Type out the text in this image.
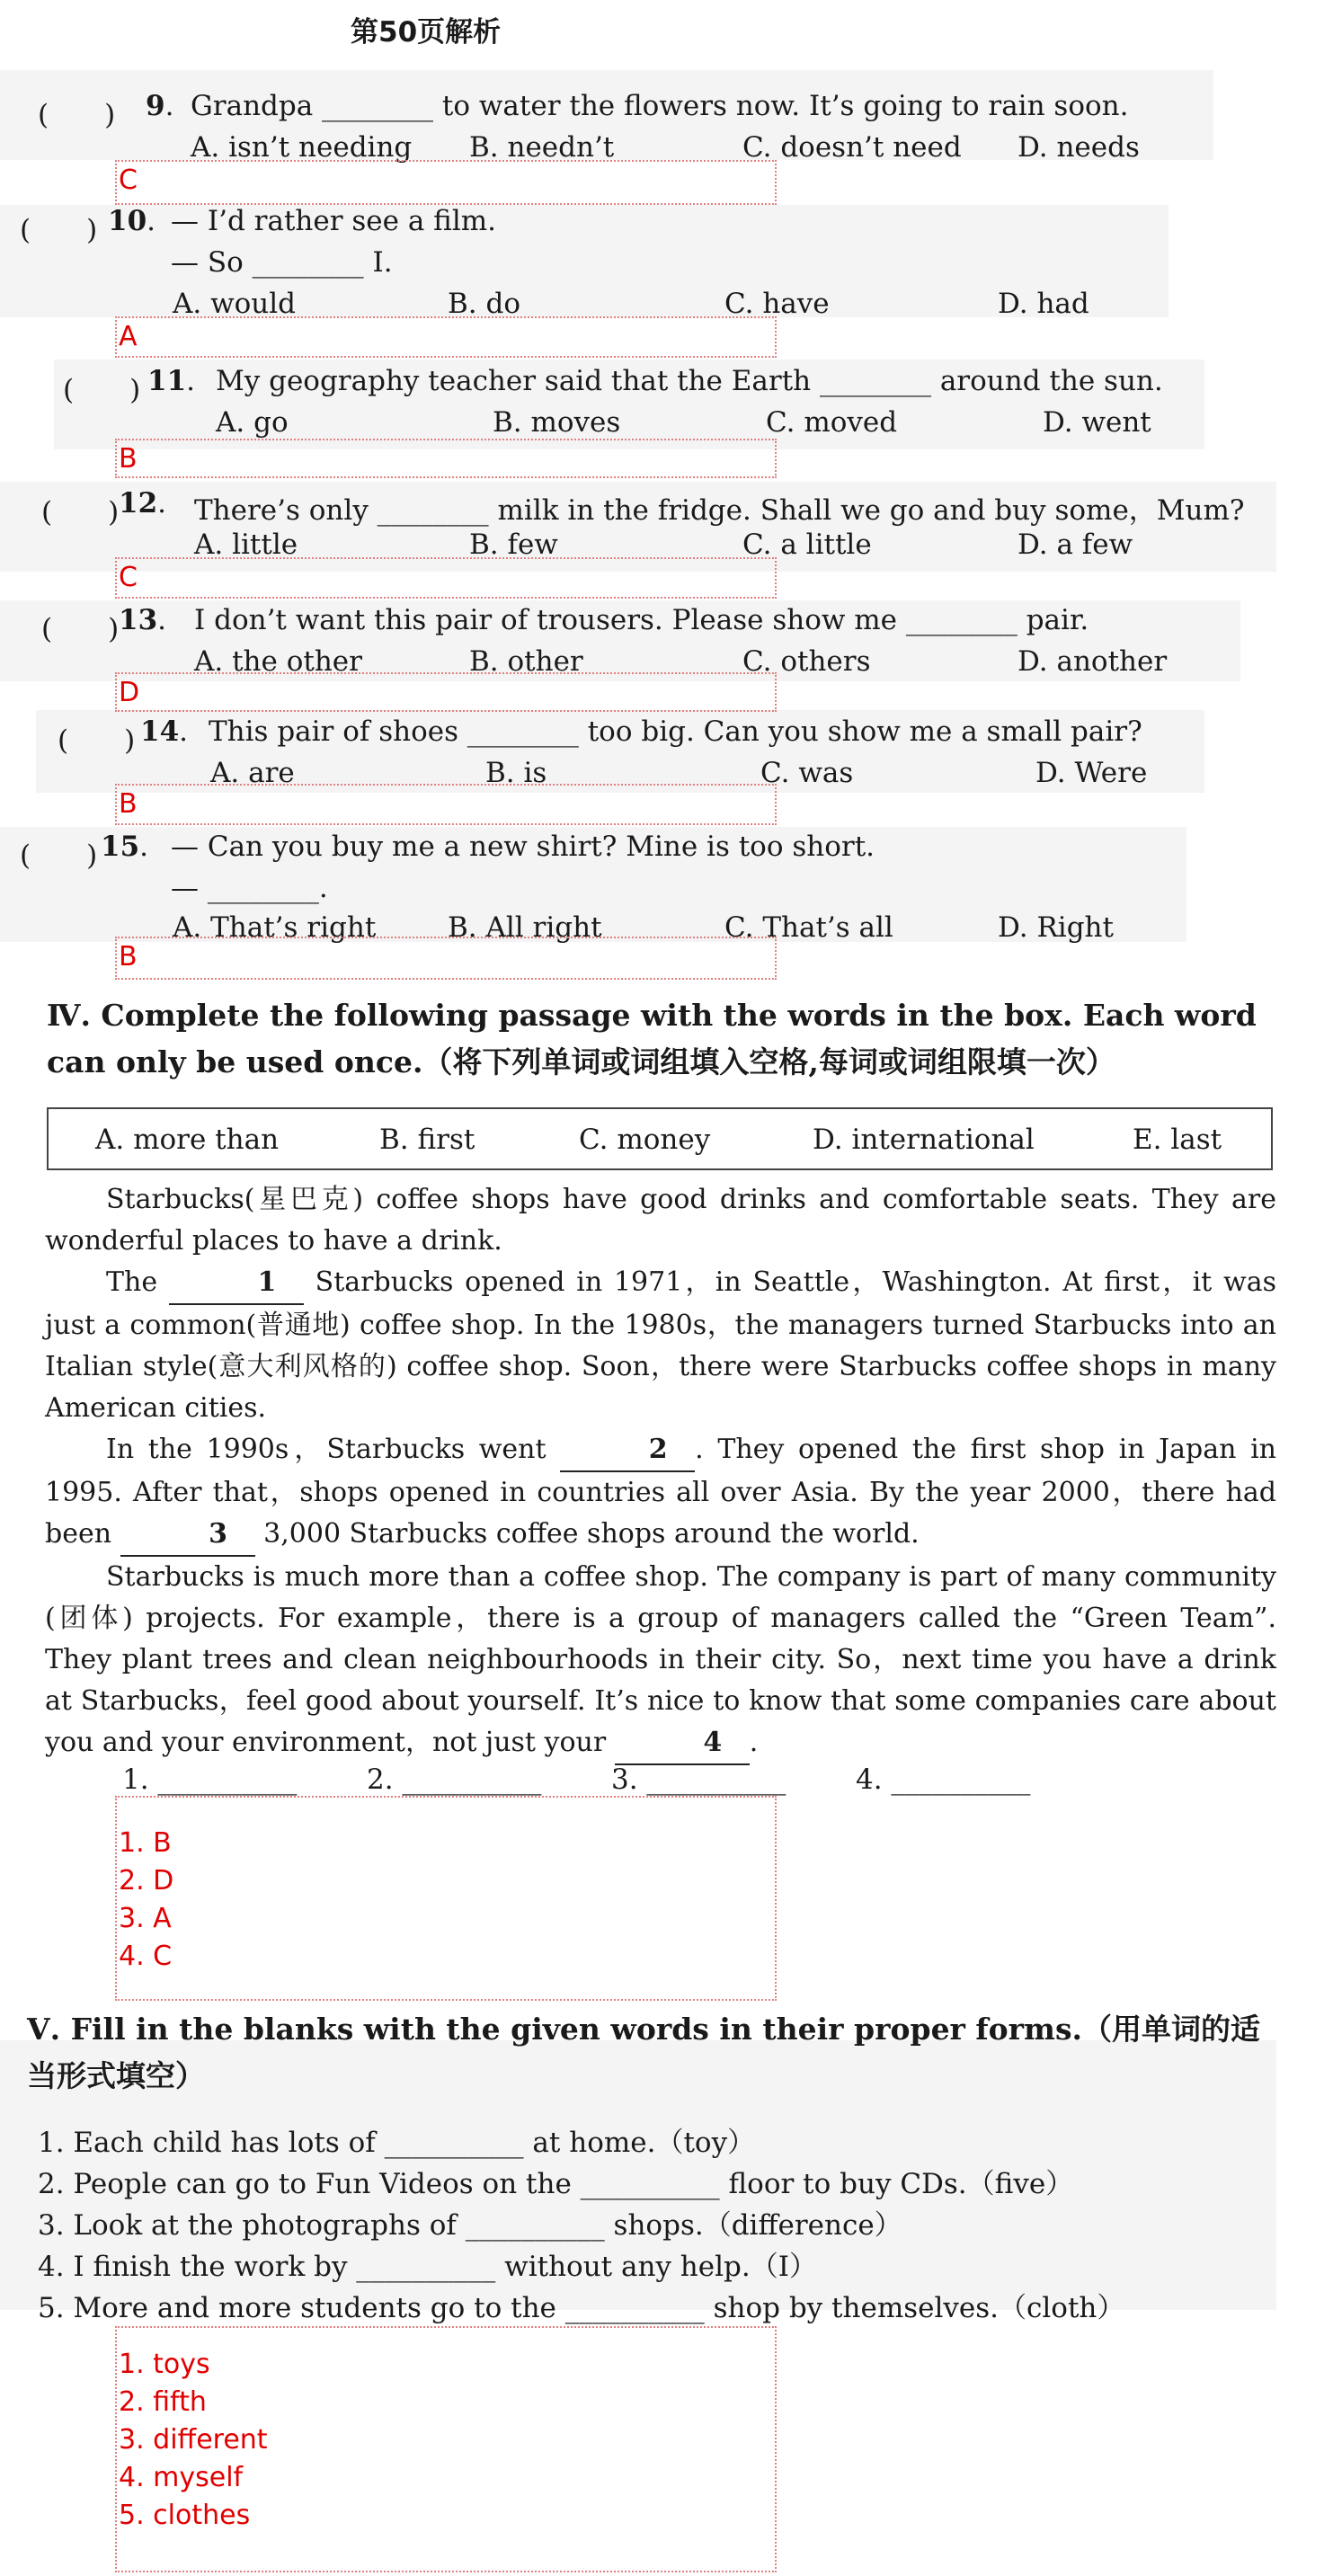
第50页解析
(　　) 9. Grandpa ________ to water the flowers now. It’s going to rain soon.
A. isn’t needing B. needn’t	C. doesn’t need D. needs
C
(　　) 10. — I’d rather see a film.
— So ________ I.
A. would	B. do	C. have	D. had
A
(　　) 11. My geography teacher said that the Earth ________ around the sun.
A. go	B. moves	C. moved	D. went
B
(　　) 12. There’s only ________ milk in the fridge. Shall we go and buy some，Mum?
A. little	B. few	C. a little	D. a few
C
(　　) 13. I don’t want this pair of trousers. Please show me ________ pair.
A. the other	B. other	C. others	D. another
D
(　　) 14. This pair of shoes ________ too big. Can you show me a small pair?
A. are	B. is	C. was	D. Were
B
(　　) 15. — Can you buy me a new shirt? Mine is too short.
— ________.
A. That’s right	B. All right	C. That’s all	D. Right
B
Ⅳ. Complete the following passage with the words in the box. Each word can only be used once.（将下列单词或词组填入空格,每词或词组限填一次）
A. more than	B. first	C. money	D. international	E. last
Starbucks(星巴克) coffee shops have good drinks and comfortable seats. They are wonderful places to have a drink.
The	1 Starbucks opened in 1971，in Seattle，Washington. At first，it was just a common(普通地) coffee shop. In the 1980s，the managers turned Starbucks into an Italian style(意大利风格的) coffee shop. Soon，there were Starbucks coffee shops in many American cities.
In the 1990s，Starbucks went	2 . They opened the first shop in Japan in 1995. After that，shops opened in countries all over Asia. By the year 2000，there had been	3 3,000 Starbucks coffee shops around the world.
Starbucks is much more than a coffee shop. The company is part of many community (团体) projects. For example，there is a group of managers called the “Green Team”. They plant trees and clean neighbourhoods in their city. So，next time you have a drink at Starbucks，feel good about yourself. It’s nice to know that some companies care about you and your environment，not just your	4 .
1. __________	2. __________	3. __________	4. __________
1. B
2. D
3. A
4. C
Ⅴ. Fill in the blanks with the given words in their proper forms.（用单词的适当形式填空）
1. Each child has lots of __________ at home.（toy）
2. People can go to Fun Videos on the __________ floor to buy CDs.（five）
3. Look at the photographs of __________ shops.（difference）
4. I finish the work by __________ without any help.（I）
5. More and more students go to the __________ shop by themselves.（cloth）
1. toys
2. fifth
3. different
4. myself
5. clothes
